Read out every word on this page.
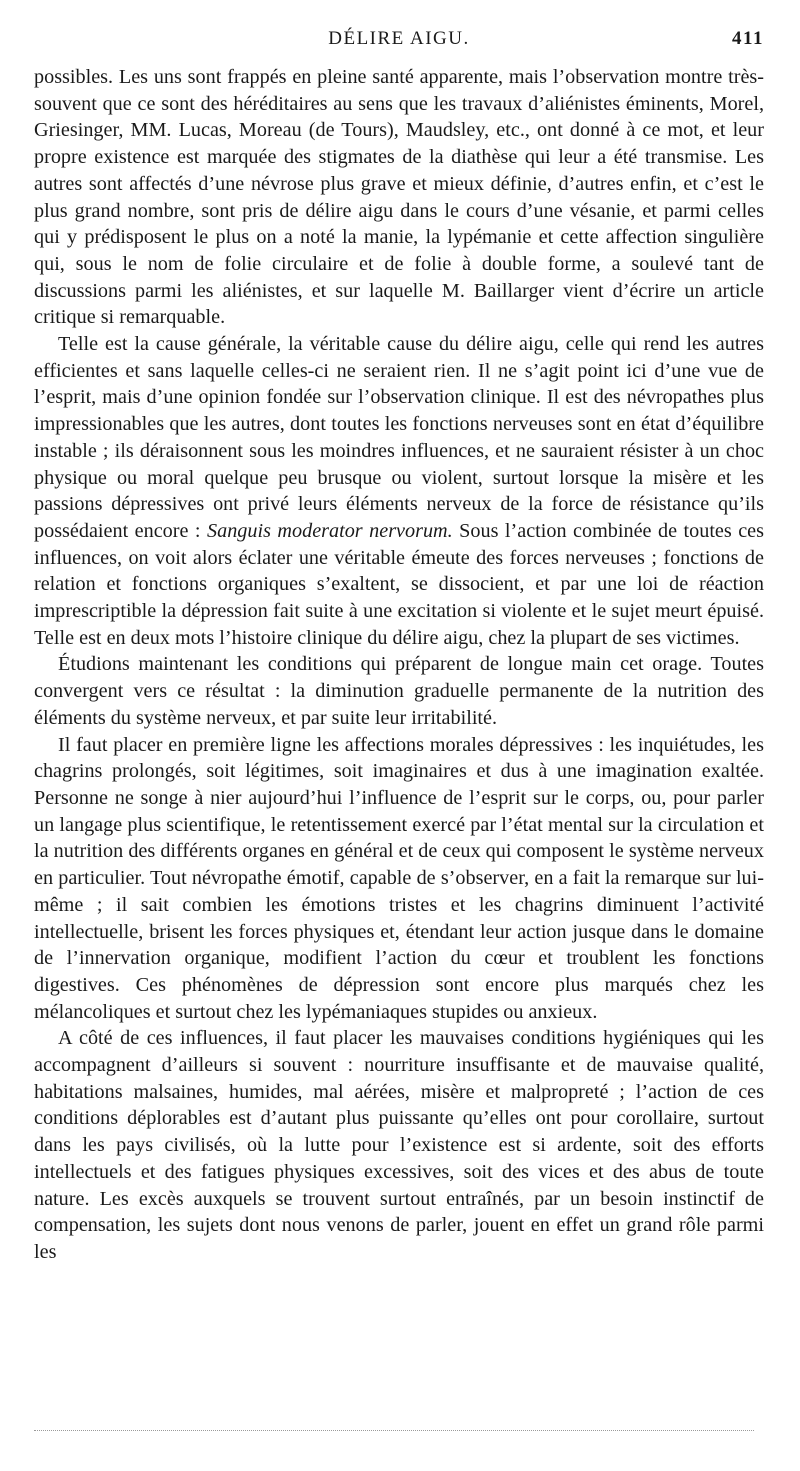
DÉLIRE AIGU.	411

possibles. Les uns sont frappés en pleine santé apparente, mais l’observation montre très-souvent que ce sont des héréditaires au sens que les travaux d’aliénistes éminents, Morel, Griesinger, MM. Lucas, Moreau (de Tours), Maudsley, etc., ont donné à ce mot, et leur propre existence est marquée des stigmates de la diathèse qui leur a été transmise. Les autres sont affectés d’une névrose plus grave et mieux définie, d’autres enfin, et c’est le plus grand nombre, sont pris de délire aigu dans le cours d’une vésanie, et parmi celles qui y prédisposent le plus on a noté la manie, la lypémanie et cette affection singulière qui, sous le nom de folie circulaire et de folie à double forme, a soulevé tant de discussions parmi les aliénistes, et sur laquelle M. Baillarger vient d’écrire un article critique si remarquable.

Telle est la cause générale, la véritable cause du délire aigu, celle qui rend les autres efficientes et sans laquelle celles-ci ne seraient rien. Il ne s’agit point ici d’une vue de l’esprit, mais d’une opinion fondée sur l’observation clinique. Il est des névropathes plus impressionables que les autres, dont toutes les fonctions nerveuses sont en état d’équilibre instable ; ils déraisonnent sous les moindres influences, et ne sauraient résister à un choc physique ou moral quelque peu brusque ou violent, surtout lorsque la misère et les passions dépressives ont privé leurs éléments nerveux de la force de résistance qu’ils possédaient encore : Sanguis moderator nervorum. Sous l’action combinée de toutes ces influences, on voit alors éclater une véritable émeute des forces nerveuses ; fonctions de relation et fonctions organiques s’exaltent, se dissocient, et par une loi de réaction imprescriptible la dépression fait suite à une excitation si violente et le sujet meurt épuisé. Telle est en deux mots l’histoire clinique du délire aigu, chez la plupart de ses victimes.

Étudions maintenant les conditions qui préparent de longue main cet orage. Toutes convergent vers ce résultat : la diminution graduelle permanente de la nutrition des éléments du système nerveux, et par suite leur irritabilité.

Il faut placer en première ligne les affections morales dépressives : les inquiétudes, les chagrins prolongés, soit légitimes, soit imaginaires et dus à une imagination exaltée. Personne ne songe à nier aujourd’hui l’influence de l’esprit sur le corps, ou, pour parler un langage plus scientifique, le retentissement exercé par l’état mental sur la circulation et la nutrition des différents organes en général et de ceux qui composent le système nerveux en particulier. Tout névropathe émotif, capable de s’observer, en a fait la remarque sur lui-même ; il sait combien les émotions tristes et les chagrins diminuent l’activité intellectuelle, brisent les forces physiques et, étendant leur action jusque dans le domaine de l’innervation organique, modifient l’action du cœur et troublent les fonctions digestives. Ces phénomènes de dépression sont encore plus marqués chez les mélancoliques et surtout chez les lypémaniaques stupides ou anxieux.

A côté de ces influences, il faut placer les mauvaises conditions hygiéniques qui les accompagnent d’ailleurs si souvent : nourriture insuffisante et de mauvaise qualité, habitations malsaines, humides, mal aérées, misère et malpropreté ; l’action de ces conditions déplorables est d’autant plus puissante qu’elles ont pour corollaire, surtout dans les pays civilisés, où la lutte pour l’existence est si ardente, soit des efforts intellectuels et des fatigues physiques excessives, soit des vices et des abus de toute nature. Les excès auxquels se trouvent surtout entraînés, par un besoin instinctif de compensation, les sujets dont nous venons de parler, jouent en effet un grand rôle parmi les
